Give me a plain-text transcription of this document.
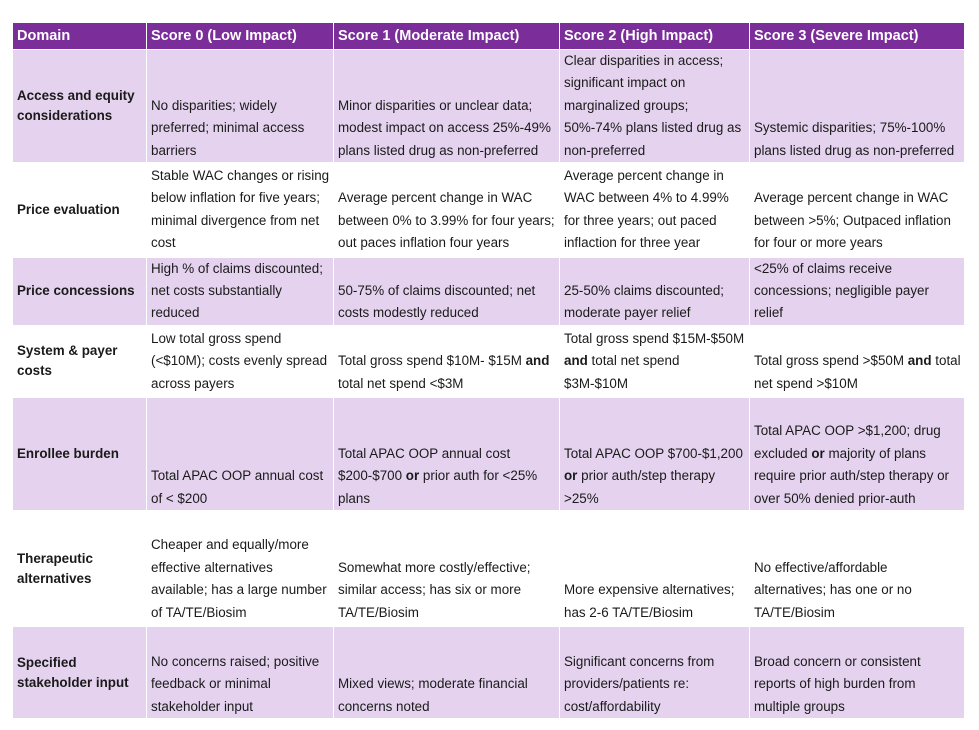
Domain	Score 0 (Low Impact)	Score 1 (Moderate Impact)	Score 2 (High Impact)	Score 3 (Severe Impact)
Access and equity considerations	No disparities; widely preferred; minimal access barriers	Minor disparities or unclear data; modest impact on access 25%-49% plans listed drug as non-preferred	Clear disparities in access; significant impact on marginalized groups; 50%-74% plans listed drug as non-preferred	Systemic disparities; 75%-100% plans listed drug as non-preferred
Price evaluation	Stable WAC changes or rising below inflation for five years; minimal divergence from net cost	Average percent change in WAC between 0% to 3.99% for four years; out paces inflation four years	Average percent change in WAC between 4% to 4.99% for three years; out paced inflaction for three year	Average percent change in WAC between >5%; Outpaced inflation for four or more years
Price concessions	High % of claims discounted; net costs substantially reduced	50-75% of claims discounted; net costs modestly reduced	25-50% claims discounted; moderate payer relief	<25% of claims receive concessions; negligible payer relief
System & payer costs	Low total gross spend (<$10M); costs evenly spread across payers	Total gross spend $10M- $15M and total net spend <$3M	Total gross spend $15M-$50M and total net spend $3M-$10M	Total gross spend >$50M and total net spend >$10M
Enrollee burden	Total APAC OOP annual cost of < $200	Total APAC OOP annual cost $200-$700 or prior auth for <25% plans	Total APAC OOP $700-$1,200 or prior auth/step therapy >25%	Total APAC OOP >$1,200; drug excluded or majority of plans require prior auth/step therapy or over 50% denied prior-auth
Therapeutic alternatives	Cheaper and equally/more effective alternatives available; has a large number of TA/TE/Biosim	Somewhat more costly/effective; similar access; has six or more TA/TE/Biosim	More expensive alternatives; has 2-6 TA/TE/Biosim	No effective/affordable alternatives; has one or no TA/TE/Biosim
Specified stakeholder input	No concerns raised; positive feedback or minimal stakeholder input	Mixed views; moderate financial concerns noted	Significant concerns from providers/patients re: cost/affordability	Broad concern or consistent reports of high burden from multiple groups
